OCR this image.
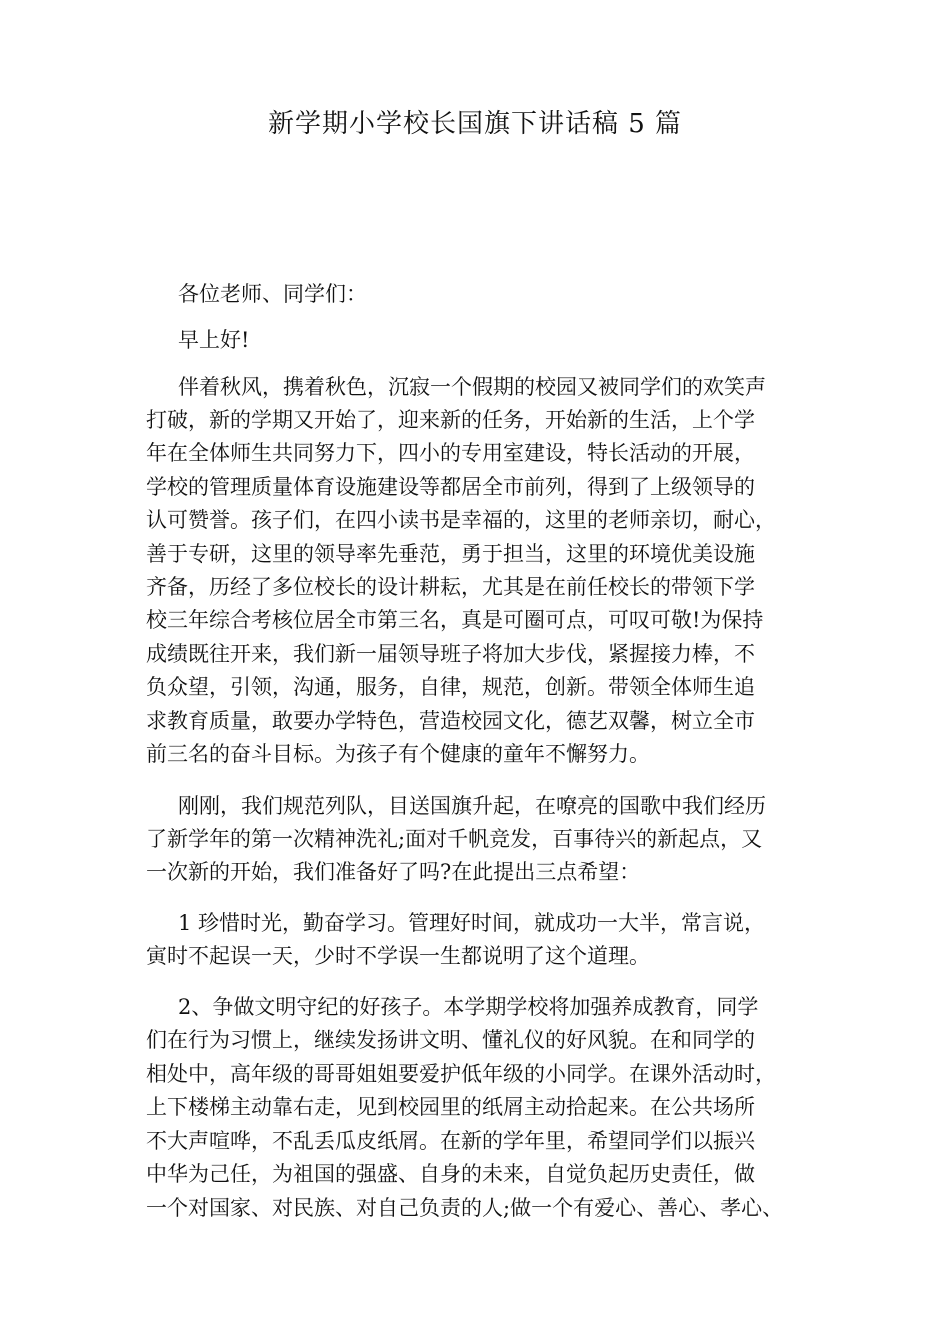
新学期小学校长国旗下讲话稿 5 篇

各位老师、同学们：

早上好!

伴着秋风，携着秋色，沉寂一个假期的校园又被同学们的欢笑声

打破，新的学期又开始了，迎来新的任务，开始新的生活，上个学

年在全体师生共同努力下，四小的专用室建设，特长活动的开展，

学校的管理质量体育设施建设等都居全市前列，得到了上级领导的

认可赞誉。孩子们，在四小读书是幸福的，这里的老师亲切，耐心，

善于专研，这里的领导率先垂范，勇于担当，这里的环境优美设施

齐备，历经了多位校长的设计耕耘，尤其是在前任校长的带领下学

校三年综合考核位居全市第三名，真是可圈可点，可叹可敬!为保持

成绩既往开来，我们新一届领导班子将加大步伐，紧握接力棒，不

负众望，引领，沟通，服务，自律，规范，创新。带领全体师生追

求教育质量，敢要办学特色，营造校园文化，德艺双馨，树立全市

前三名的奋斗目标。为孩子有个健康的童年不懈努力。

刚刚，我们规范列队，目送国旗升起，在嘹亮的国歌中我们经历

了新学年的第一次精神洗礼;面对千帆竞发，百事待兴的新起点，又

一次新的开始，我们准备好了吗?在此提出三点希望：

1 珍惜时光，勤奋学习。管理好时间，就成功一大半，常言说，

寅时不起误一天，少时不学误一生都说明了这个道理。

2、争做文明守纪的好孩子。本学期学校将加强养成教育，同学

们在行为习惯上，继续发扬讲文明、懂礼仪的好风貌。在和同学的

相处中，高年级的哥哥姐姐要爱护低年级的小同学。在课外活动时，

上下楼梯主动靠右走，见到校园里的纸屑主动拾起来。在公共场所

不大声喧哗，不乱丢瓜皮纸屑。在新的学年里，希望同学们以振兴

中华为己任，为祖国的强盛、自身的未来，自觉负起历史责任，做

一个对国家、对民族、对自己负责的人;做一个有爱心、善心、孝心、
